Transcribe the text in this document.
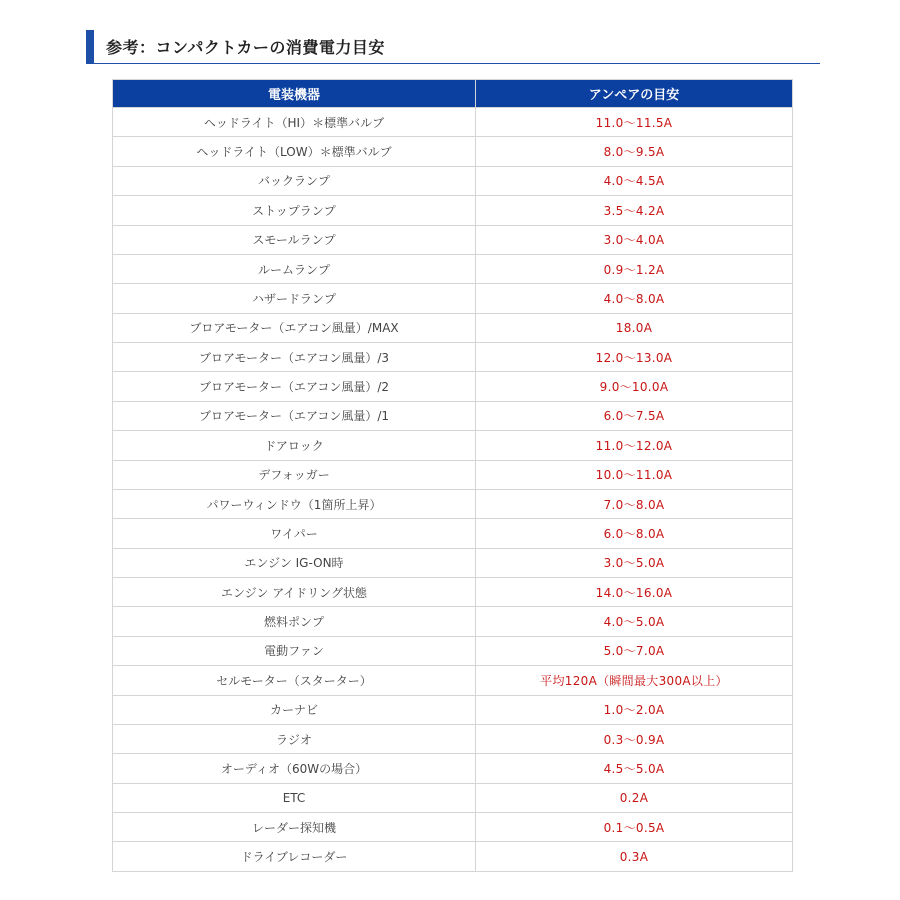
参考：コンパクトカーの消費電力目安
電装機器	アンペアの目安
ヘッドライト（HI）＊標準バルブ	11.0～11.5A
ヘッドライト（LOW）＊標準バルブ	8.0～9.5A
バックランプ	4.0～4.5A
ストップランプ	3.5～4.2A
スモールランプ	3.0～4.0A
ルームランプ	0.9～1.2A
ハザードランプ	4.0～8.0A
ブロアモーター（エアコン風量）/MAX	18.0A
ブロアモーター（エアコン風量）/3	12.0～13.0A
ブロアモーター（エアコン風量）/2	9.0～10.0A
ブロアモーター（エアコン風量）/1	6.0～7.5A
ドアロック	11.0～12.0A
デフォッガー	10.0～11.0A
パワーウィンドウ（1箇所上昇）	7.0～8.0A
ワイパー	6.0～8.0A
エンジン IG-ON時	3.0～5.0A
エンジン アイドリング状態	14.0～16.0A
燃料ポンプ	4.0～5.0A
電動ファン	5.0～7.0A
セルモーター（スターター）	平均120A（瞬間最大300A以上）
カーナビ	1.0～2.0A
ラジオ	0.3～0.9A
オーディオ（60Wの場合）	4.5～5.0A
ETC	0.2A
レーダー探知機	0.1～0.5A
ドライブレコーダー	0.3A
